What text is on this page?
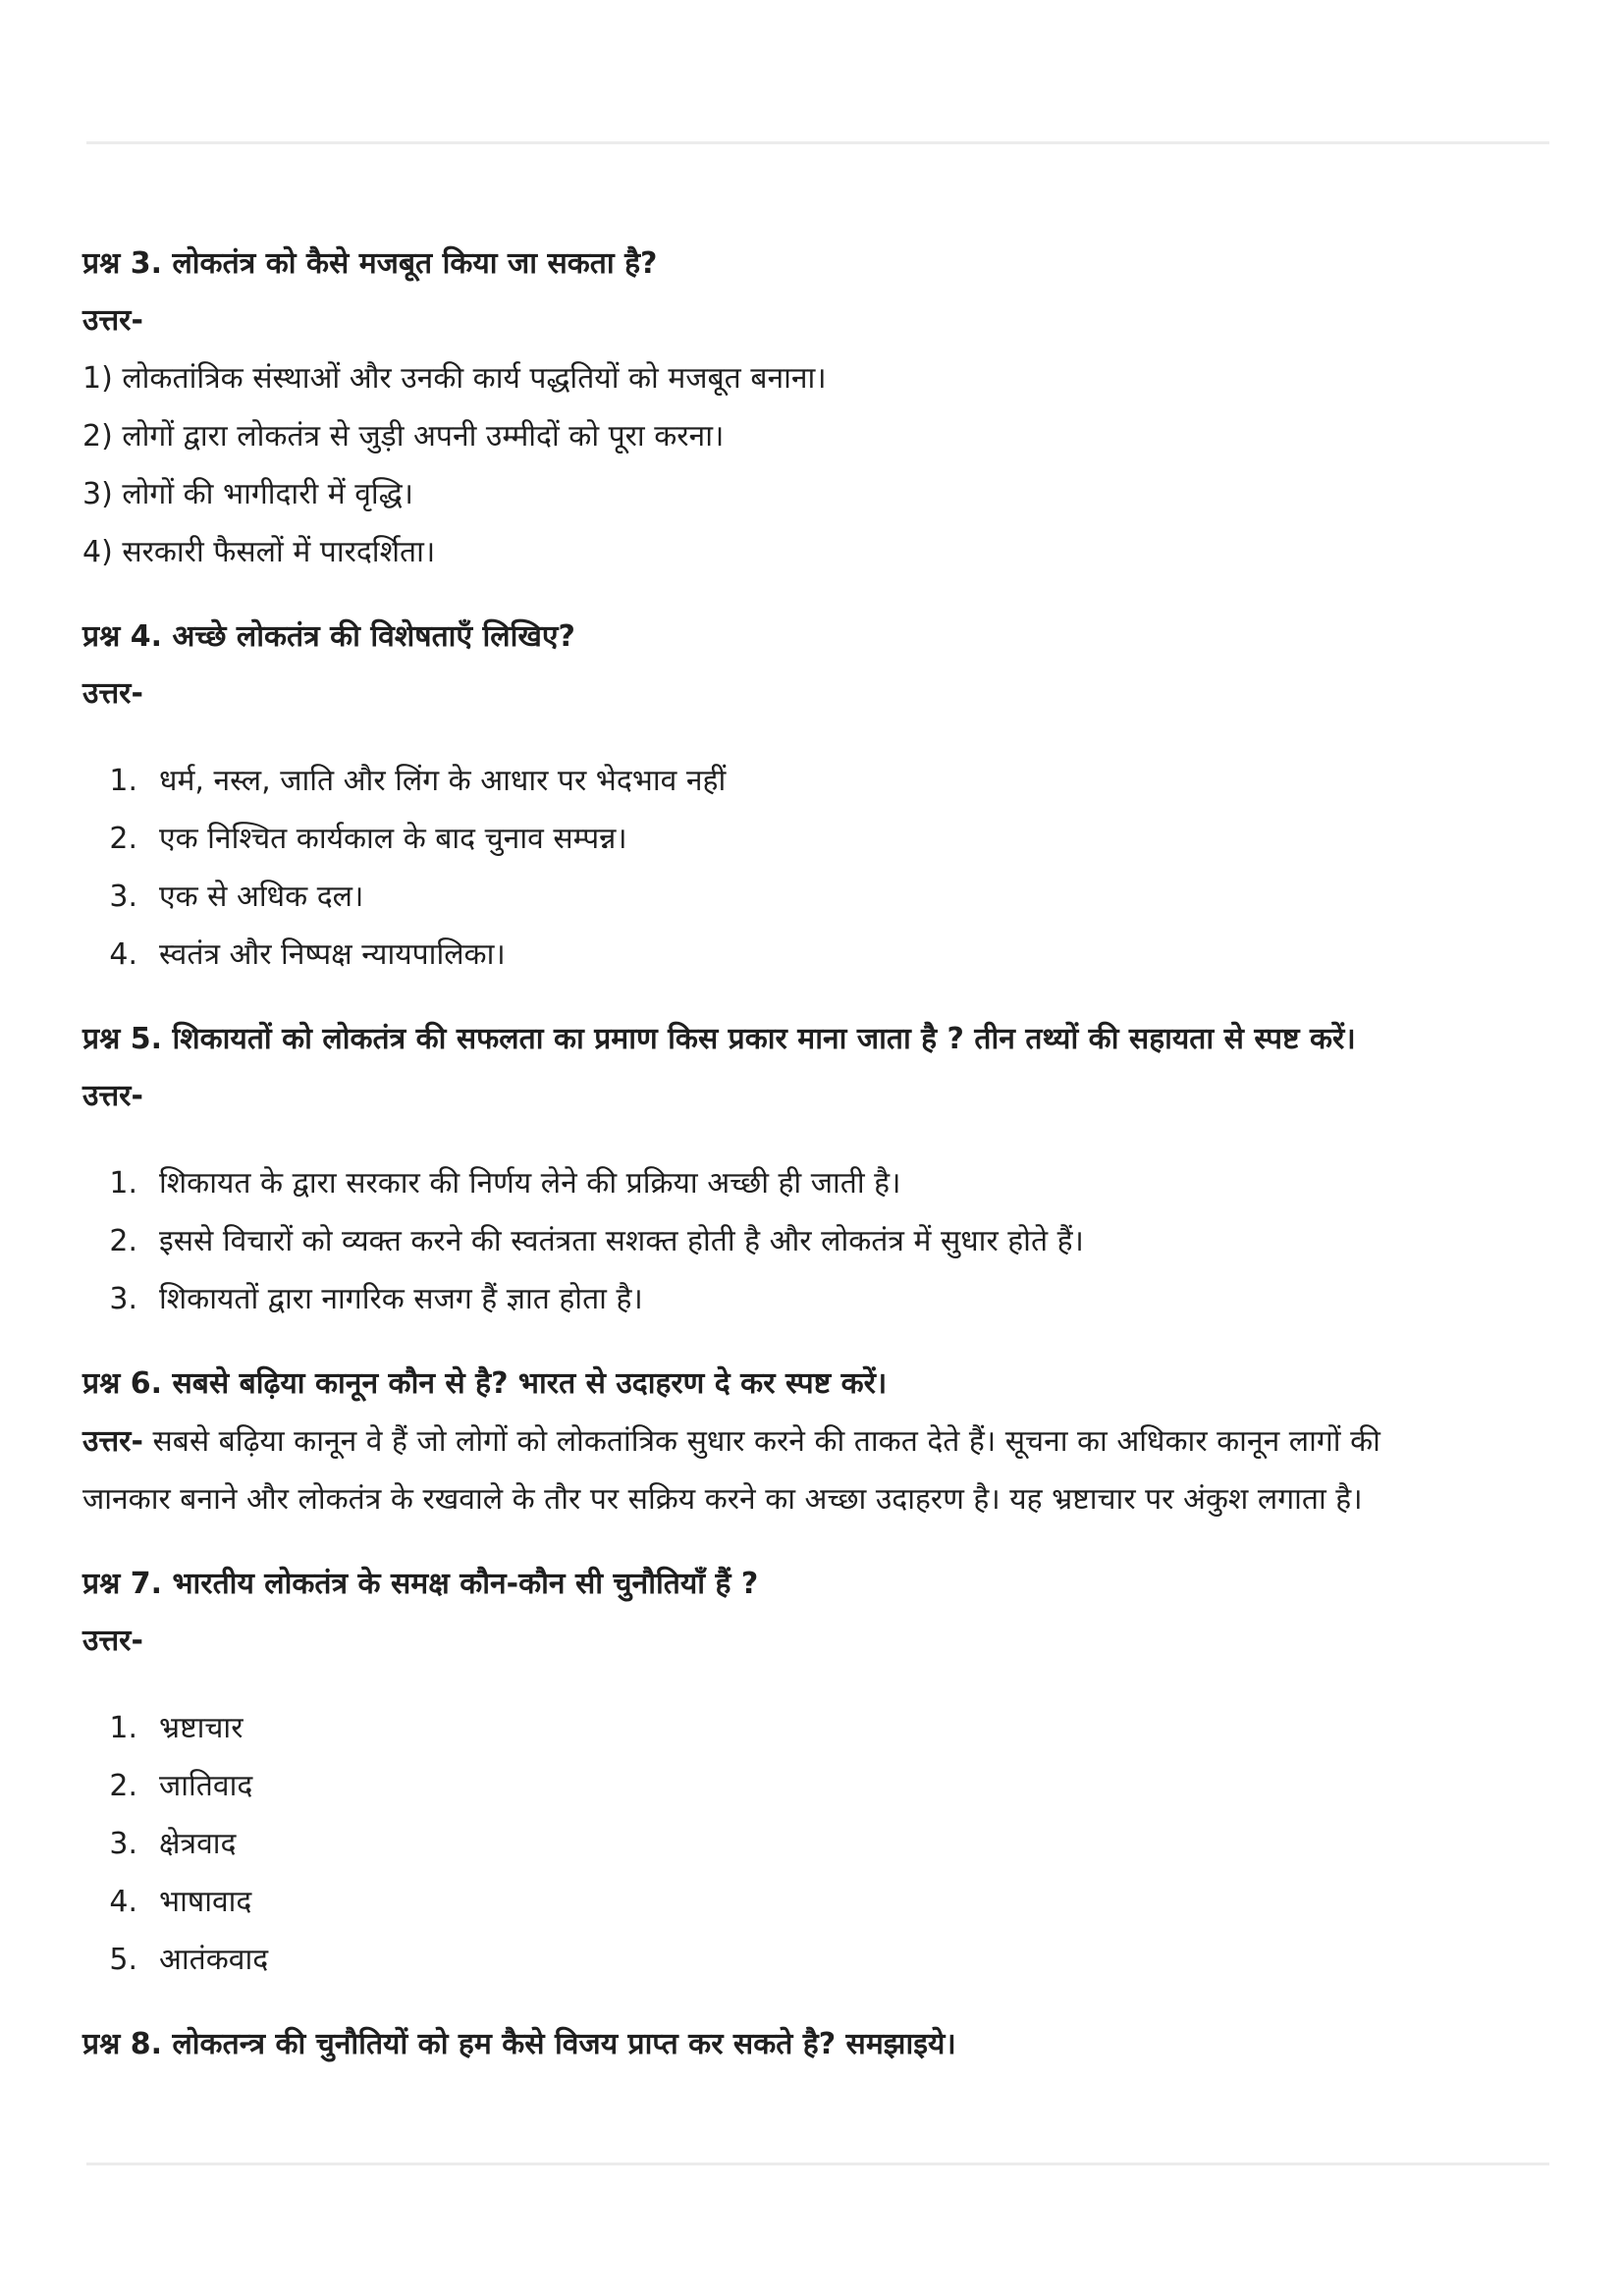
प्रश्न 3. लोकतंत्र को कैसे मजबूत किया जा सकता है?

उत्तर-

1) लोकतांत्रिक संस्थाओं और उनकी कार्य पद्धतियों को मजबूत बनाना।
2) लोगों द्वारा लोकतंत्र से जुड़ी अपनी उम्मीदों को पूरा करना।
3) लोगों की भागीदारी में वृद्धि।
4) सरकारी फैसलों में पारदर्शिता।

प्रश्न 4. अच्छे लोकतंत्र की विशेषताएँ लिखिए?

उत्तर-

1. धर्म, नस्ल, जाति और लिंग के आधार पर भेदभाव नहीं
2. एक निश्चित कार्यकाल के बाद चुनाव सम्पन्न।
3. एक से अधिक दल।
4. स्वतंत्र और निष्पक्ष न्यायपालिका।

प्रश्न 5. शिकायतों को लोकतंत्र की सफलता का प्रमाण किस प्रकार माना जाता है ? तीन तथ्यों की सहायता से स्पष्ट करें।

उत्तर-

1. शिकायत के द्वारा सरकार की निर्णय लेने की प्रक्रिया अच्छी ही जाती है।
2. इससे विचारों को व्यक्त करने की स्वतंत्रता सशक्त होती है और लोकतंत्र में सुधार होते हैं।
3. शिकायतों द्वारा नागरिक सजग हैं ज्ञात होता है।

प्रश्न 6. सबसे बढ़िया कानून कौन से है? भारत से उदाहरण दे कर स्पष्ट करें।

उत्तर- सबसे बढ़िया कानून वे हैं जो लोगों को लोकतांत्रिक सुधार करने की ताकत देते हैं। सूचना का अधिकार कानून लागों की

जानकार बनाने और लोकतंत्र के रखवाले के तौर पर सक्रिय करने का अच्छा उदाहरण है। यह भ्रष्टाचार पर अंकुश लगाता है।

प्रश्न 7. भारतीय लोकतंत्र के समक्ष कौन-कौन सी चुनौतियाँ हैं ?

उत्तर-

1. भ्रष्टाचार
2. जातिवाद
3. क्षेत्रवाद
4. भाषावाद
5. आतंकवाद

प्रश्न 8. लोकतन्त्र की चुनौतियों को हम कैसे विजय प्राप्त कर सकते है? समझाइये।
